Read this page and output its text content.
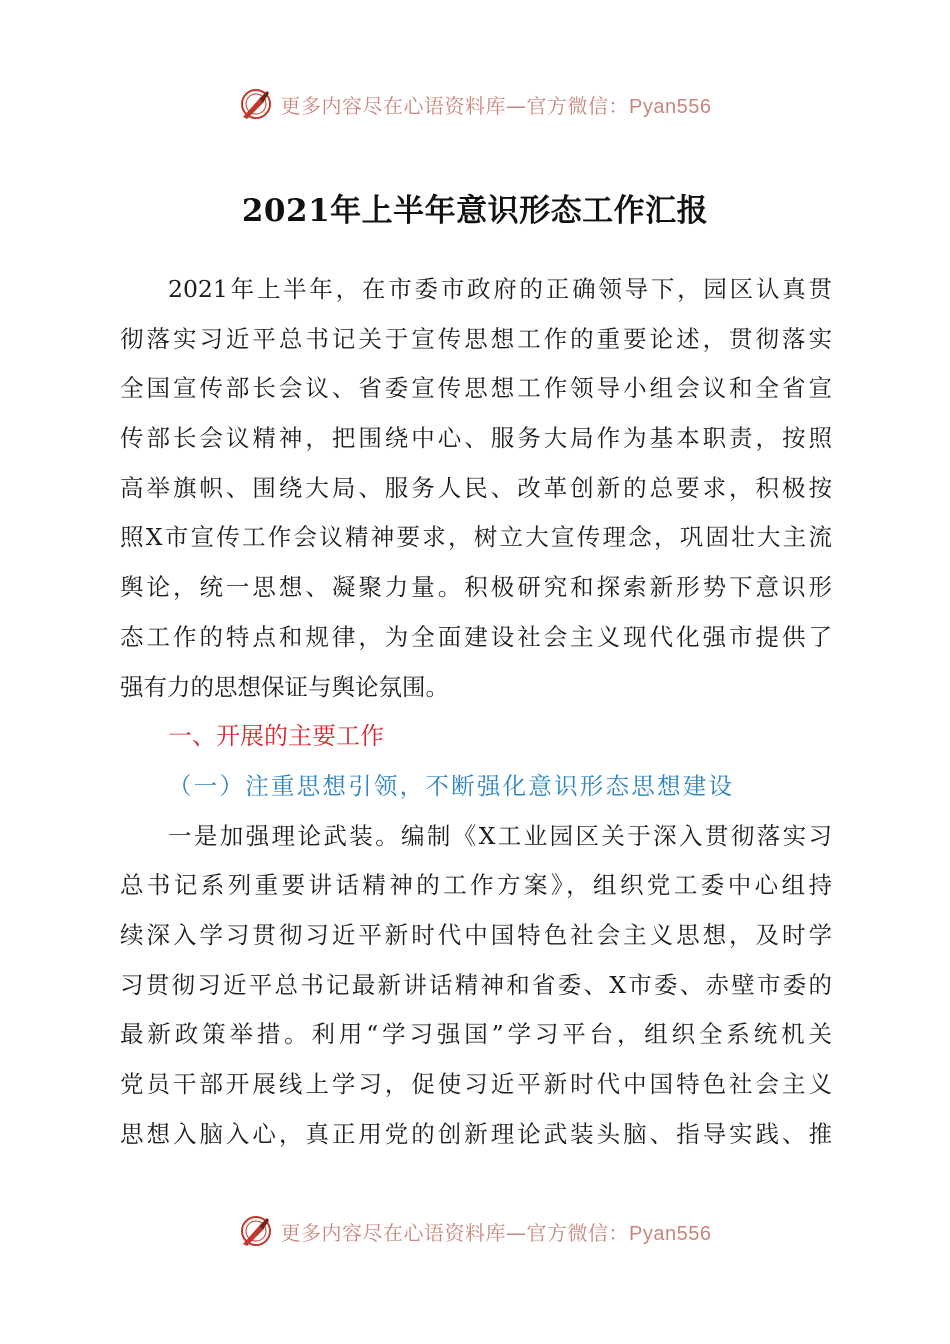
更多内容尽在心语资料库—官方微信：Pyan556
2021年上半年意识形态工作汇报
2021年上半年，在市委市政府的正确领导下，园区认真贯
彻落实习近平总书记关于宣传思想工作的重要论述，贯彻落实
全国宣传部长会议、省委宣传思想工作领导小组会议和全省宣
传部长会议精神，把围绕中心、服务大局作为基本职责，按照
高举旗帜、围绕大局、服务人民、改革创新的总要求，积极按
照X市宣传工作会议精神要求，树立大宣传理念，巩固壮大主流
舆论，统一思想、凝聚力量。积极研究和探索新形势下意识形
态工作的特点和规律，为全面建设社会主义现代化强市提供了
强有力的思想保证与舆论氛围。
一、开展的主要工作
（一）注重思想引领，不断强化意识形态思想建设
一是加强理论武装。编制《X工业园区关于深入贯彻落实习
总书记系列重要讲话精神的工作方案》，组织党工委中心组持
续深入学习贯彻习近平新时代中国特色社会主义思想，及时学
习贯彻习近平总书记最新讲话精神和省委、X市委、赤壁市委的
最新政策举措。利用“学习强国”学习平台，组织全系统机关
党员干部开展线上学习，促使习近平新时代中国特色社会主义
思想入脑入心，真正用党的创新理论武装头脑、指导实践、推
更多内容尽在心语资料库—官方微信：Pyan556
